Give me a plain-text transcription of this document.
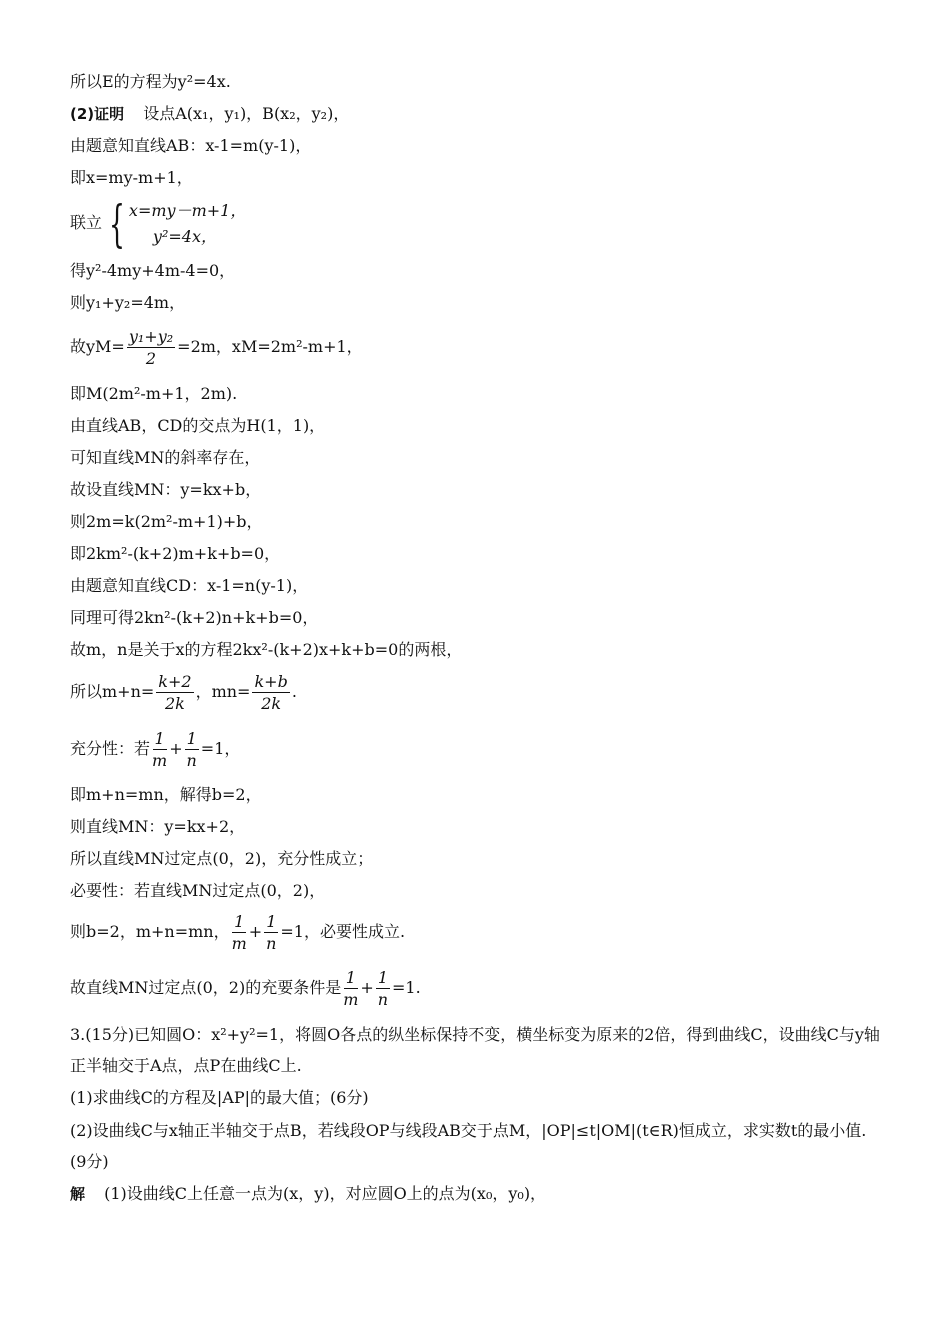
所以E的方程为y²=4x.
(2)证明 设点A(x₁，y₁)，B(x₂，y₂)，
由题意知直线AB：x-1=m(y-1)，
即x=my-m+1，
联立 { x=my－m+1，
y²=4x，
得y²-4my+4m-4=0，
则y₁+y₂=4m，
故$yM= \frac{\text{y₁+y₂}}{2} =2m$，xM=2m²-m+1，
即M(2m²-m+1，2m).
由直线AB，CD的交点为H(1，1)，
可知直线MN的斜率存在，
故设直线MN：y=kx+b，
则2m=k(2m²-m+1)+b，
即2km²-(k+2)m+k+b=0，
由题意知直线CD：x-1=n(y-1)，
同理可得2kn²-(k+2)n+k+b=0，
故m，n是关于x的方程2kx²-(k+2)x+k+b=0的两根，
所以$m+n= \frac{k+2}{2k}$ ，$mn= \frac{k+b}{2k}$ .
充分性：若 $\frac{1}{m} + \frac{1}{n} =1$，
即m+n=mn，解得b=2，
则直线MN：y=kx+2，
所以直线MN过定点(0，2)，充分性成立；
必要性：若直线MN过定点(0，2)，
则b=2，m+n=mn， $\frac{1}{m} + \frac{1}{n} =1$，必要性成立.
故直线MN过定点(0，2)的充要条件是 $\frac{1}{m} + \frac{1}{n} =1$.
3.(15分)已知圆O：x²+y²=1，将圆O各点的纵坐标保持不变，横坐标变为原来的2倍，得到曲线C，设曲线C与y轴正半轴交于A点，点P在曲线C上.
(1)求曲线C的方程及|AP|的最大值；(6分)
(2)设曲线C与x轴正半轴交于点B，若线段OP与线段AB交于点M，|OP|≤t|OM|(t∈R)恒成立，求实数t的最小值.(9分)
解 (1)设曲线C上任意一点为(x，y)，对应圆O上的点为(x₀，y₀)，
